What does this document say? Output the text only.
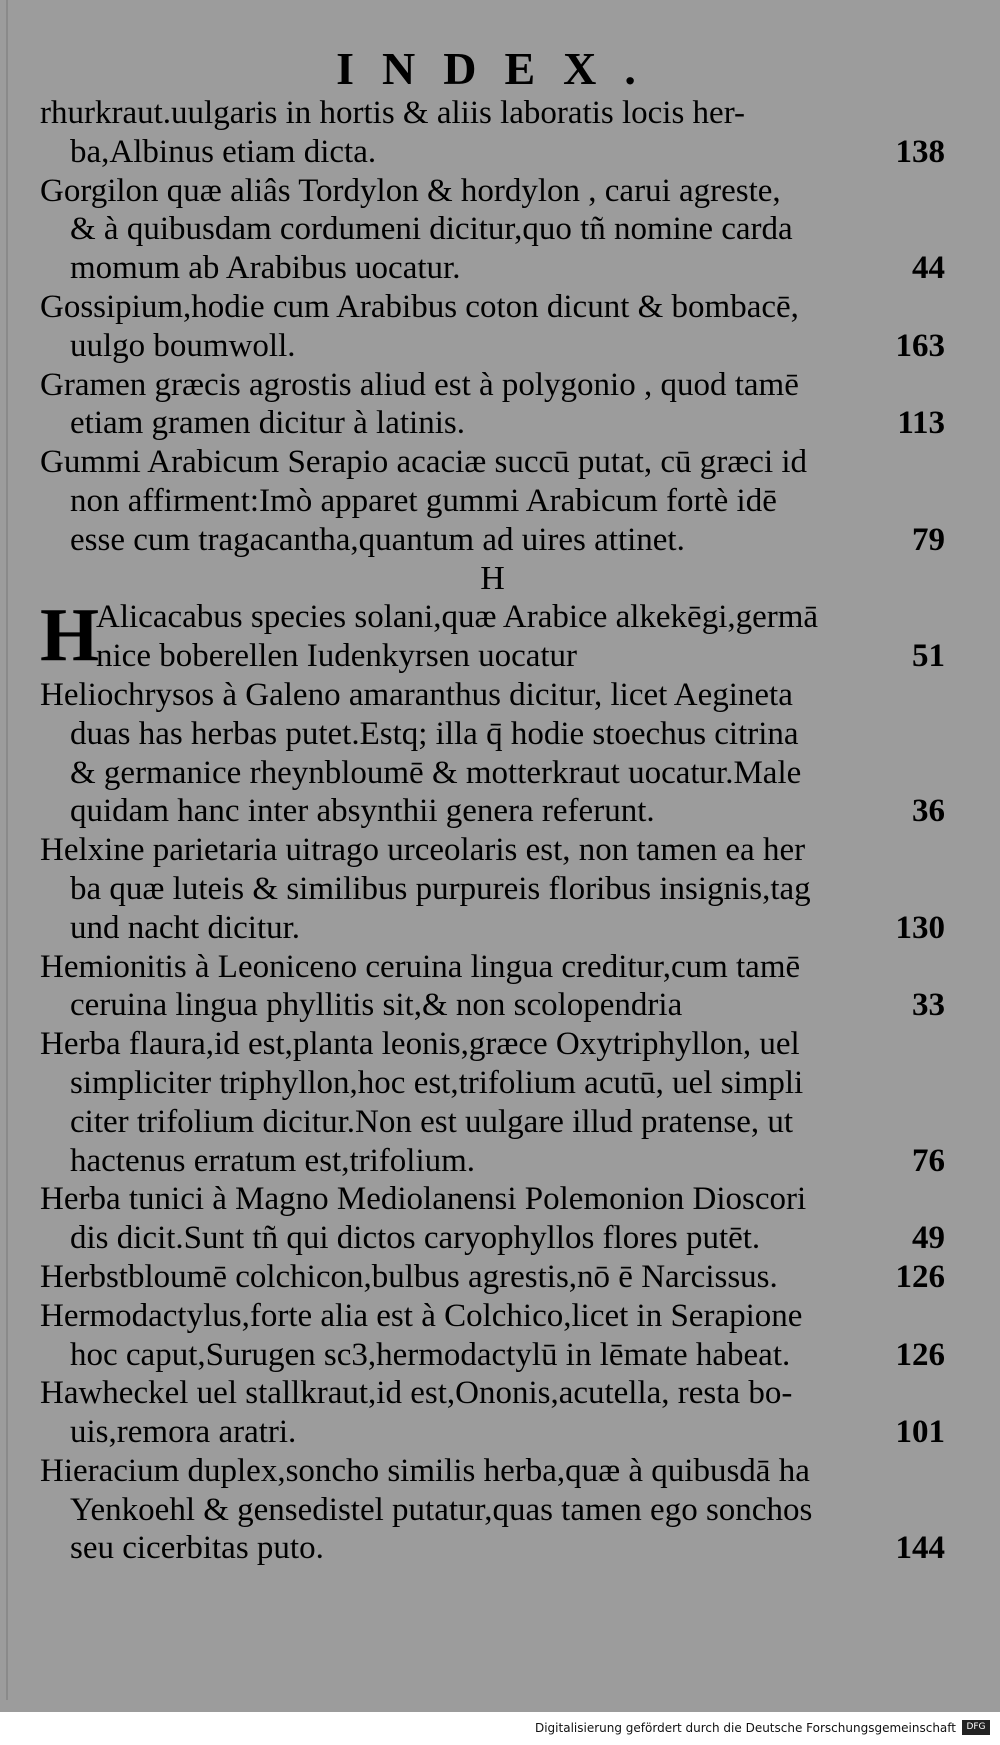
INDEX.
rhurkraut.uulgaris in hortis & aliis laboratis locis her-
ba,Albinus etiam dicta.	138
Gorgilon quæ aliâs Tordylon & hordylon , carui agreste,
& à quibusdam cordumeni dicitur,quo tñ nomine carda
momum ab Arabibus uocatur.	44
Gossipium,hodie cum Arabibus coton dicunt & bombacē,
uulgo boumwoll.	163
Gramen græcis agrostis aliud est à polygonio , quod tamē
etiam gramen dicitur à latinis.	113
Gummi Arabicum Serapio acaciæ succū putat, cū græci id
non affirment:Imò apparet gummi Arabicum fortè idē
esse cum tragacantha,quantum ad uires attinet.	79
H
H
Alicacabus species solani,quæ Arabice alkekēgi,germā
nice boberellen Iudenkyrsen uocatur	51
Heliochrysos à Galeno amaranthus dicitur, licet Aegineta
duas has herbas putet.Estq; illa q̄ hodie stoechus citrina
& germanice rheynbloumē & motterkraut uocatur.Male
quidam hanc inter absynthii genera referunt.	36
Helxine parietaria uitrago urceolaris est, non tamen ea her
ba quæ luteis & similibus purpureis floribus insignis,tag
und nacht dicitur.	130
Hemionitis à Leoniceno ceruina lingua creditur,cum tamē
ceruina lingua phyllitis sit,& non scolopendria	33
Herba flaura,id est,planta leonis,græce Oxytriphyllon, uel
simpliciter triphyllon,hoc est,trifolium acutū, uel simpli
citer trifolium dicitur.Non est uulgare illud pratense, ut
hactenus erratum est,trifolium.	76
Herba tunici à Magno Mediolanensi Polemonion Dioscori
dis dicit.Sunt tñ qui dictos caryophyllos flores putēt.	49
Herbstbloumē colchicon,bulbus agrestis,nō ē Narcissus.	126
Hermodactylus,forte alia est à Colchico,licet in Serapione
hoc caput,Surugen sc3,hermodactylū in lēmate habeat.	126
Hawheckel uel stallkraut,id est,Ononis,acutella, resta bo-
uis,remora aratri.	101
Hieracium duplex,soncho similis herba,quæ à quibusdā ha
Yenkoehl & gensedistel putatur,quas tamen ego sonchos
seu cicerbitas puto.	144
Digitalisierung gefördert durch die Deutsche Forschungsgemeinschaft	DFG
